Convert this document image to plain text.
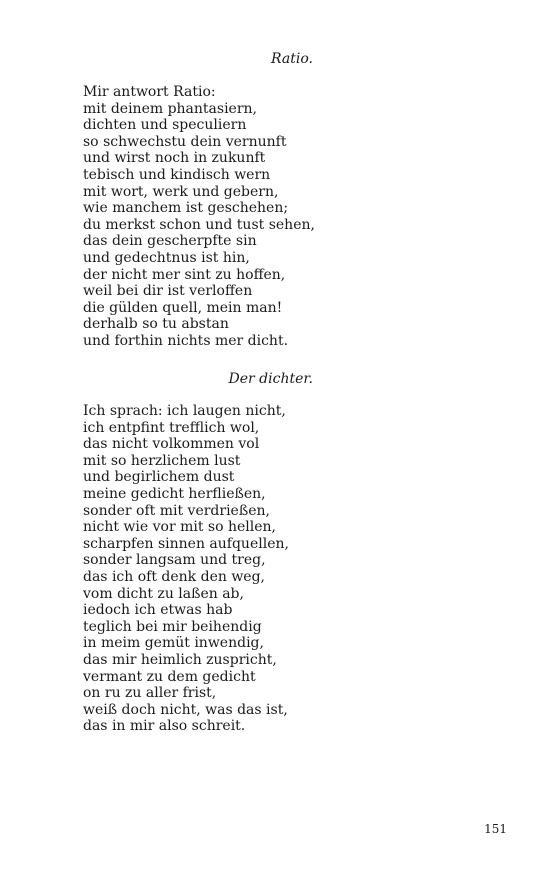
Ratio.
Mir antwort Ratio:
mit deinem phantasiern,
dichten und speculiern
so schwechstu dein vernunft
und wirst noch in zukunft
tebisch und kindisch wern
mit wort, werk und gebern,
wie manchem ist geschehen;
du merkst schon und tust sehen,
das dein gescherpfte sin
und gedechtnus ist hin,
der nicht mer sint zu hoffen,
weil bei dir ist verloffen
die gülden quell, mein man!
derhalb so tu abstan
und forthin nichts mer dicht.
Der dichter.
Ich sprach: ich laugen nicht,
ich entpfint trefflich wol,
das nicht volkommen vol
mit so herzlichem lust
und begirlichem dust
meine gedicht herfließen,
sonder oft mit verdrießen,
nicht wie vor mit so hellen,
scharpfen sinnen aufquellen,
sonder langsam und treg,
das ich oft denk den weg,
vom dicht zu laßen ab,
iedoch ich etwas hab
teglich bei mir beihendig
in meim gemüt inwendig,
das mir heimlich zuspricht,
vermant zu dem gedicht
on ru zu aller frist,
weiß doch nicht, was das ist,
das in mir also schreit.
151
